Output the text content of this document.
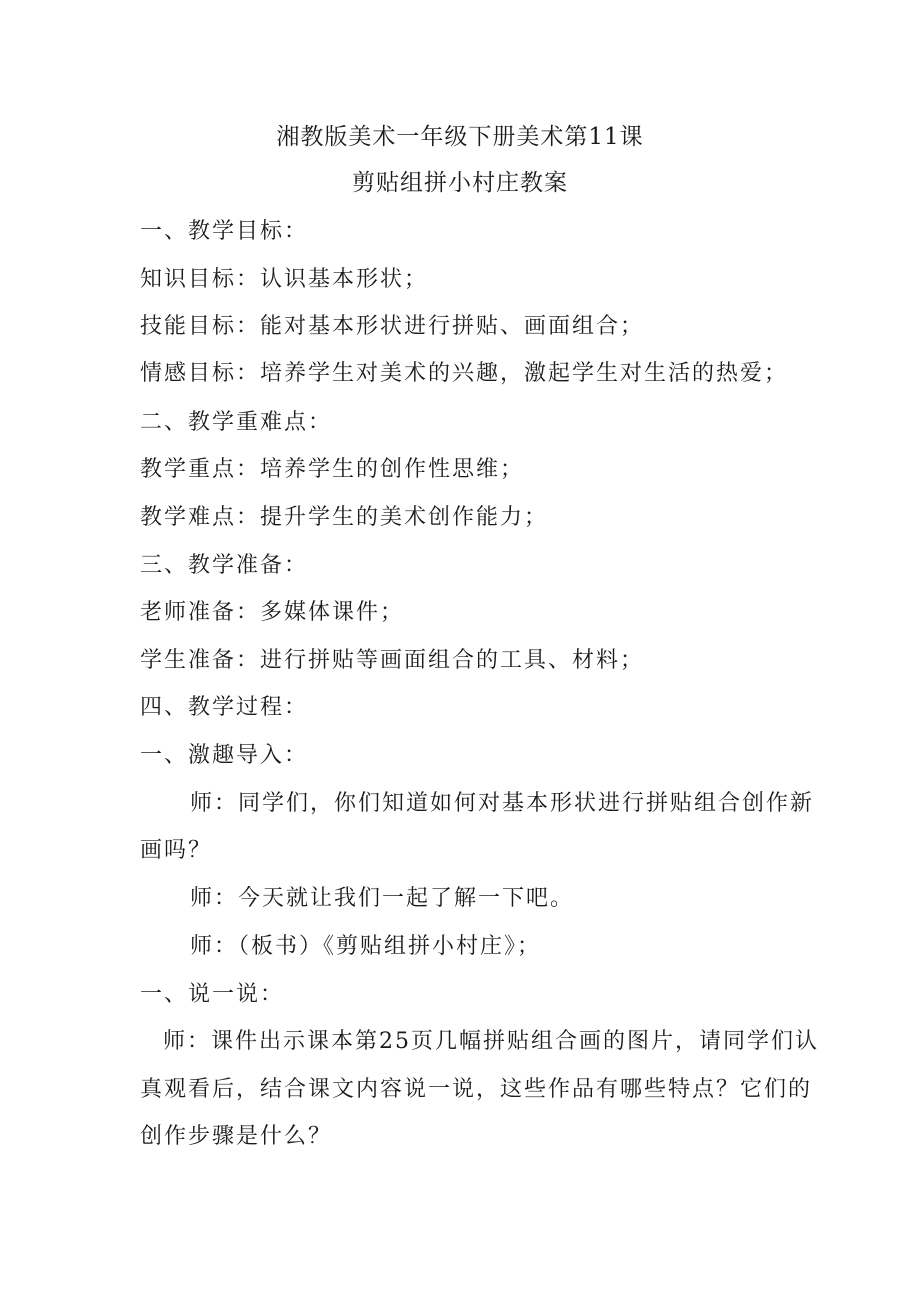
湘教版美术一年级下册美术第11课
剪贴组拼小村庄教案
一、教学目标：
知识目标：认识基本形状；
技能目标：能对基本形状进行拼贴、画面组合；
情感目标：培养学生对美术的兴趣，激起学生对生活的热爱；
二、教学重难点：
教学重点：培养学生的创作性思维；
教学难点：提升学生的美术创作能力；
三、教学准备：
老师准备：多媒体课件；
学生准备：进行拼贴等画面组合的工具、材料；
四、教学过程：
一、激趣导入：
师：同学们，你们知道如何对基本形状进行拼贴组合创作新
画吗？
师：今天就让我们一起了解一下吧。
师：（板书）《剪贴组拼小村庄》；
一、说一说：
师：课件出示课本第25页几幅拼贴组合画的图片，请同学们认
真观看后，结合课文内容说一说，这些作品有哪些特点？它们的
创作步骤是什么？
